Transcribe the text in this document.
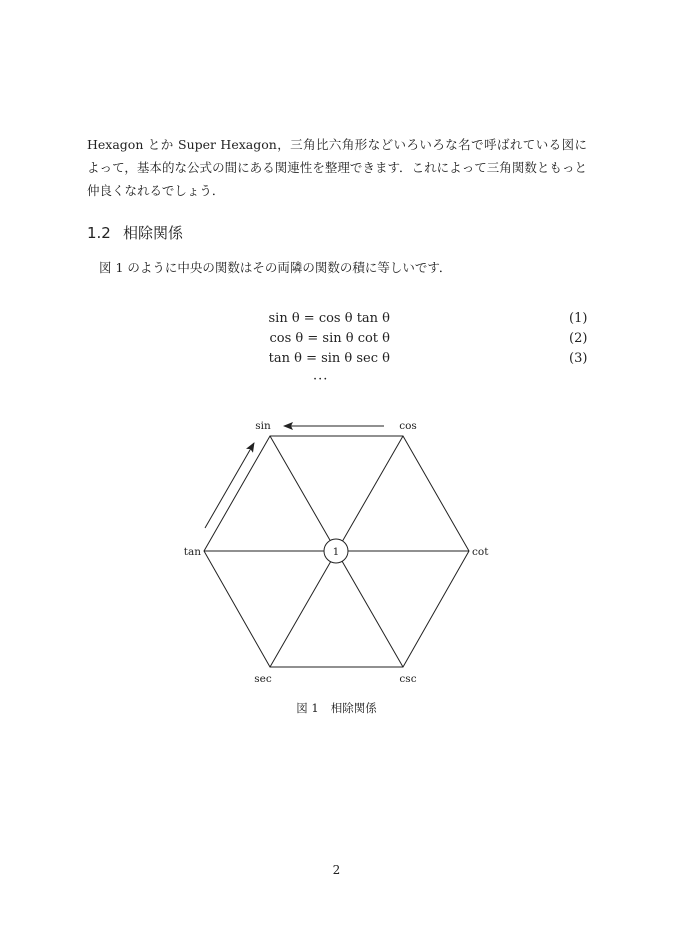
Hexagon とか Super Hexagon，三角比六角形などいろいろな名で呼ばれている図によって，基本的な公式の間にある関連性を整理できます．これによって三角関数ともっと仲良くなれるでしょう．
1.2 相除関係
図 1 のように中央の関数はその両隣の関数の積に等しいです．
sin θ = cos θ tan θ	(1)
cos θ = sin θ cot θ	(2)
tan θ = sin θ sec θ	(3)
···
1
sin	cos
cot
tan
sec	csc
図 1 相除関係
2
